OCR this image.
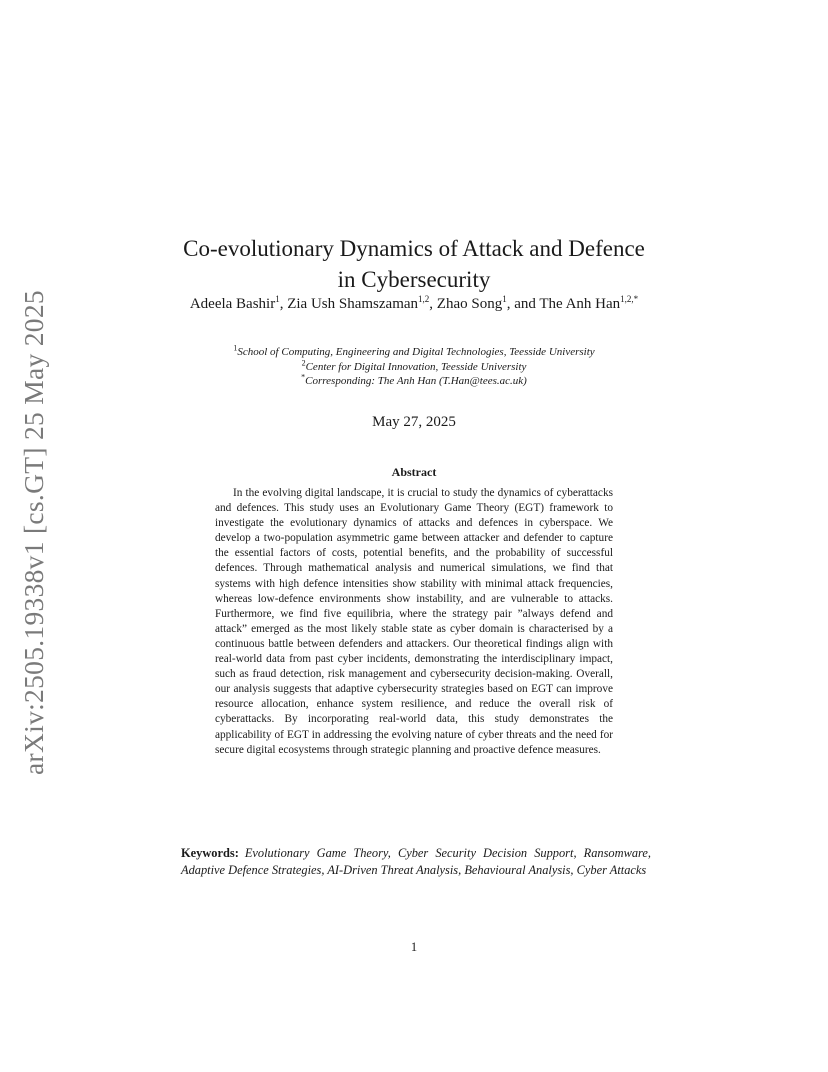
arXiv:2505.19338v1 [cs.GT] 25 May 2025
Co-evolutionary Dynamics of Attack and Defence
in Cybersecurity
Adeela Bashir$^1$, Zia Ush Shamszaman$^{1,2}$, Zhao Song$^1$, and The Anh Han$^{1,2,*}$
$^1$School of Computing, Engineering and Digital Technologies, Teesside University
$^2$Center for Digital Innovation, Teesside University
*Corresponding: The Anh Han (T.Han@tees.ac.uk)
May 27, 2025
Abstract

In the evolving digital landscape, it is crucial to study the dynamics of cyberattacks and defences. This study uses an Evolutionary Game Theory (EGT) framework to investigate the evolutionary dynamics of attacks and defences in cyberspace. We develop a two-population asymmetric game between attacker and defender to capture the essential factors of costs, potential benefits, and the probability of successful defences. Through mathematical analysis and numerical simulations, we find that systems with high defence intensities show stability with minimal attack frequencies, whereas low-defence environments show instability, and are vulnerable to attacks. Furthermore, we find five equilibria, where the strategy pair ”always defend and attack” emerged as the most likely stable state as cyber domain is characterised by a continuous battle between defenders and attackers. Our theoretical findings align with real-world data from past cyber incidents, demonstrating the interdisciplinary impact, such as fraud detection, risk management and cybersecurity decision-making. Overall, our analysis suggests that adaptive cybersecurity strategies based on EGT can improve resource allocation, enhance system resilience, and reduce the overall risk of cyberattacks. By incorporating real-world data, this study demonstrates the applicability of EGT in addressing the evolving nature of cyber threats and the need for secure digital ecosystems through strategic planning and proactive defence measures.

Keywords: Evolutionary Game Theory, Cyber Security Decision Support, Ransomware, Adaptive Defence Strategies, AI-Driven Threat Analysis, Behavioural Analysis, Cyber Attacks

1
